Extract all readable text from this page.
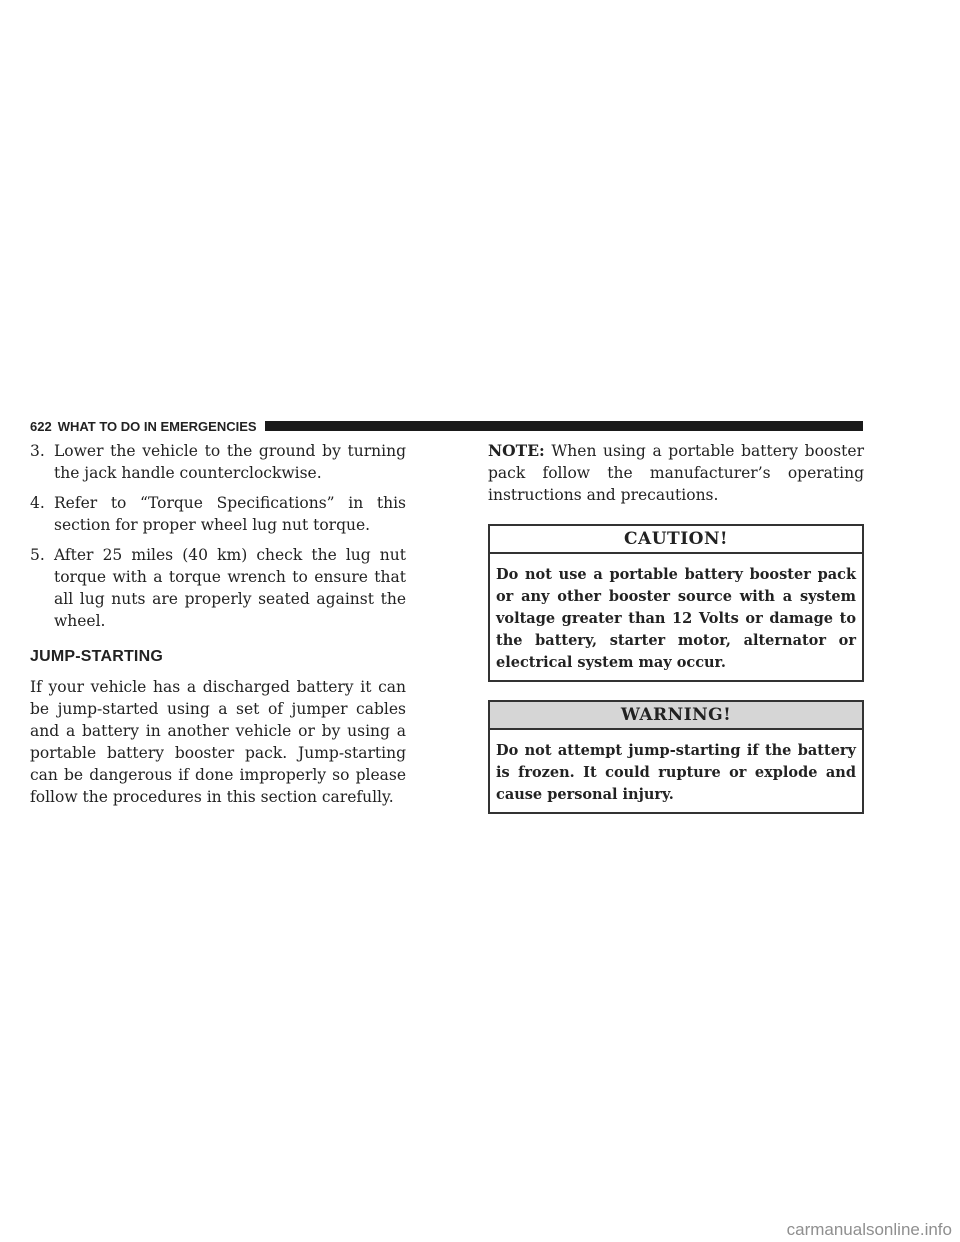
622 WHAT TO DO IN EMERGENCIES
3. Lower the vehicle to the ground by turning the jack handle counterclockwise.
4. Refer to “Torque Specifications” in this section for proper wheel lug nut torque.
5. After 25 miles (40 km) check the lug nut torque with a torque wrench to ensure that all lug nuts are properly seated against the wheel.
JUMP-STARTING

If your vehicle has a discharged battery it can be jump-started using a set of jumper cables and a battery in another vehicle or by using a portable battery booster pack. Jump-starting can be dangerous if done improperly so please follow the procedures in this section carefully.

NOTE: When using a portable battery booster pack follow the manufacturer’s operating instructions and precautions.

CAUTION!
Do not use a portable battery booster pack or any other booster source with a system voltage greater than 12 Volts or damage to the battery, starter motor, alternator or electrical system may occur.
WARNING!
Do not attempt jump-starting if the battery is frozen. It could rupture or explode and cause personal injury.
carmanualsonline.info
